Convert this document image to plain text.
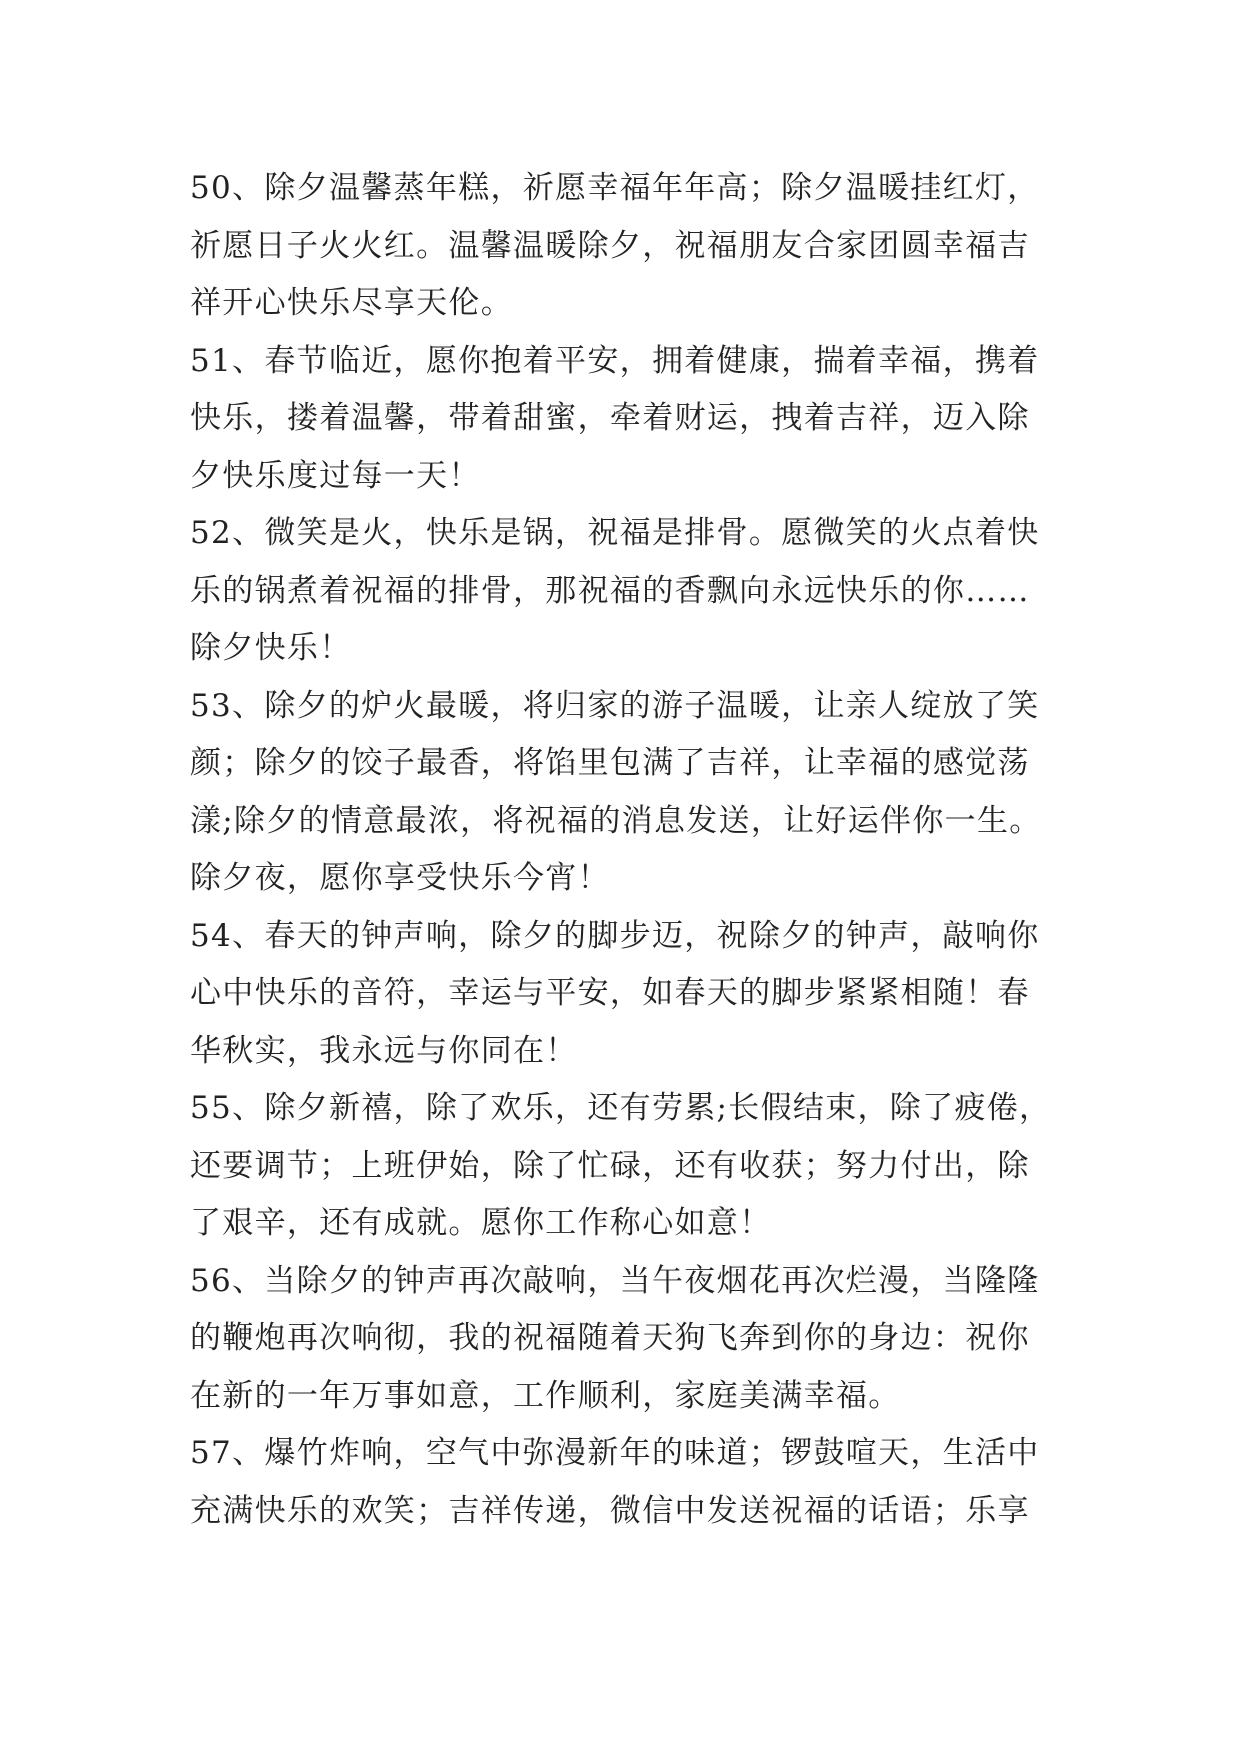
50、除夕温馨蒸年糕，祈愿幸福年年高；除夕温暖挂红灯，
祈愿日子火火红。温馨温暖除夕，祝福朋友合家团圆幸福吉
祥开心快乐尽享天伦。
51、春节临近，愿你抱着平安，拥着健康，揣着幸福，携着
快乐，搂着温馨，带着甜蜜，牵着财运，拽着吉祥，迈入除
夕快乐度过每一天！
52、微笑是火，快乐是锅，祝福是排骨。愿微笑的火点着快
乐的锅煮着祝福的排骨，那祝福的香飘向永远快乐的你……
除夕快乐！
53、除夕的炉火最暖，将归家的游子温暖，让亲人绽放了笑
颜；除夕的饺子最香，将馅里包满了吉祥，让幸福的感觉荡
漾;除夕的情意最浓，将祝福的消息发送，让好运伴你一生。
除夕夜，愿你享受快乐今宵！
54、春天的钟声响，除夕的脚步迈，祝除夕的钟声，敲响你
心中快乐的音符，幸运与平安，如春天的脚步紧紧相随！春
华秋实，我永远与你同在！
55、除夕新禧，除了欢乐，还有劳累;长假结束，除了疲倦，
还要调节；上班伊始，除了忙碌，还有收获；努力付出，除
了艰辛，还有成就。愿你工作称心如意！
56、当除夕的钟声再次敲响，当午夜烟花再次烂漫，当隆隆
的鞭炮再次响彻，我的祝福随着天狗飞奔到你的身边：祝你
在新的一年万事如意，工作顺利，家庭美满幸福。
57、爆竹炸响，空气中弥漫新年的味道；锣鼓喧天，生活中
充满快乐的欢笑；吉祥传递，微信中发送祝福的话语；乐享
